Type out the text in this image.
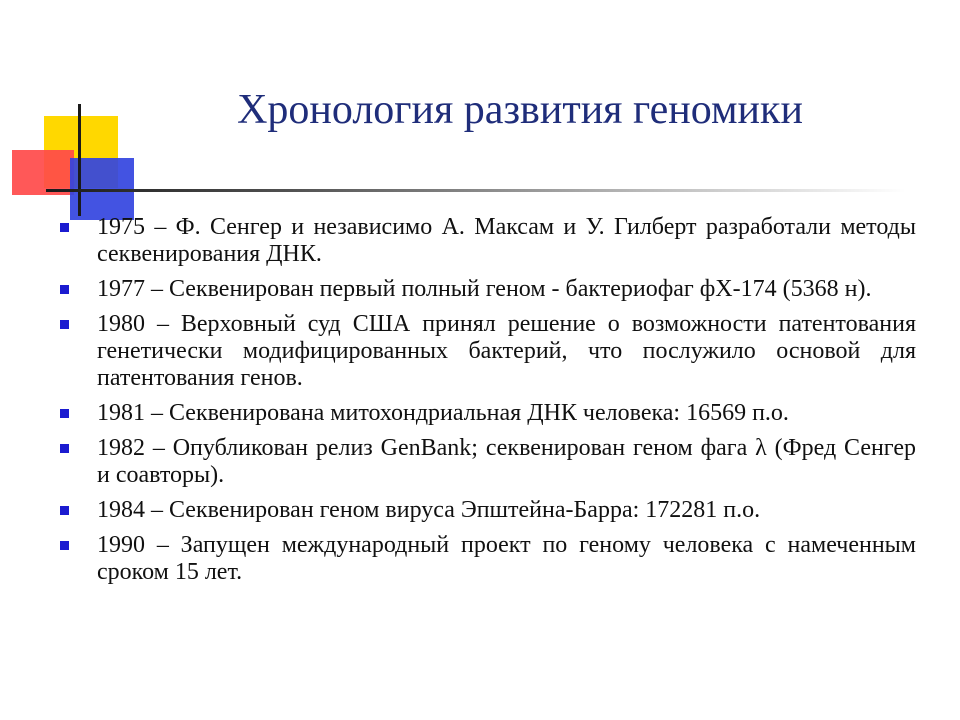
Хронология развития геномики
1975 – Ф. Сенгер и независимо А. Максам и У. Гилберт разработали методы секвенирования ДНК.
1977 – Секвенирован первый полный геном - бактериофаг фХ-174 (5368 н).
1980 – Верховный суд США принял решение о возможности патентования генетически модифицированных бактерий, что послужило основой для патентования генов.
1981 – Секвенирована митохондриальная ДНК человека: 16569 п.о.
1982 – Опубликован релиз GenBank; секвенирован геном фага λ (Фред Сенгер и соавторы).
1984 – Секвенирован геном вируса Эпштейна-Барра: 172281 п.о.
1990 – Запущен международный проект по геному человека с намеченным сроком 15 лет.
